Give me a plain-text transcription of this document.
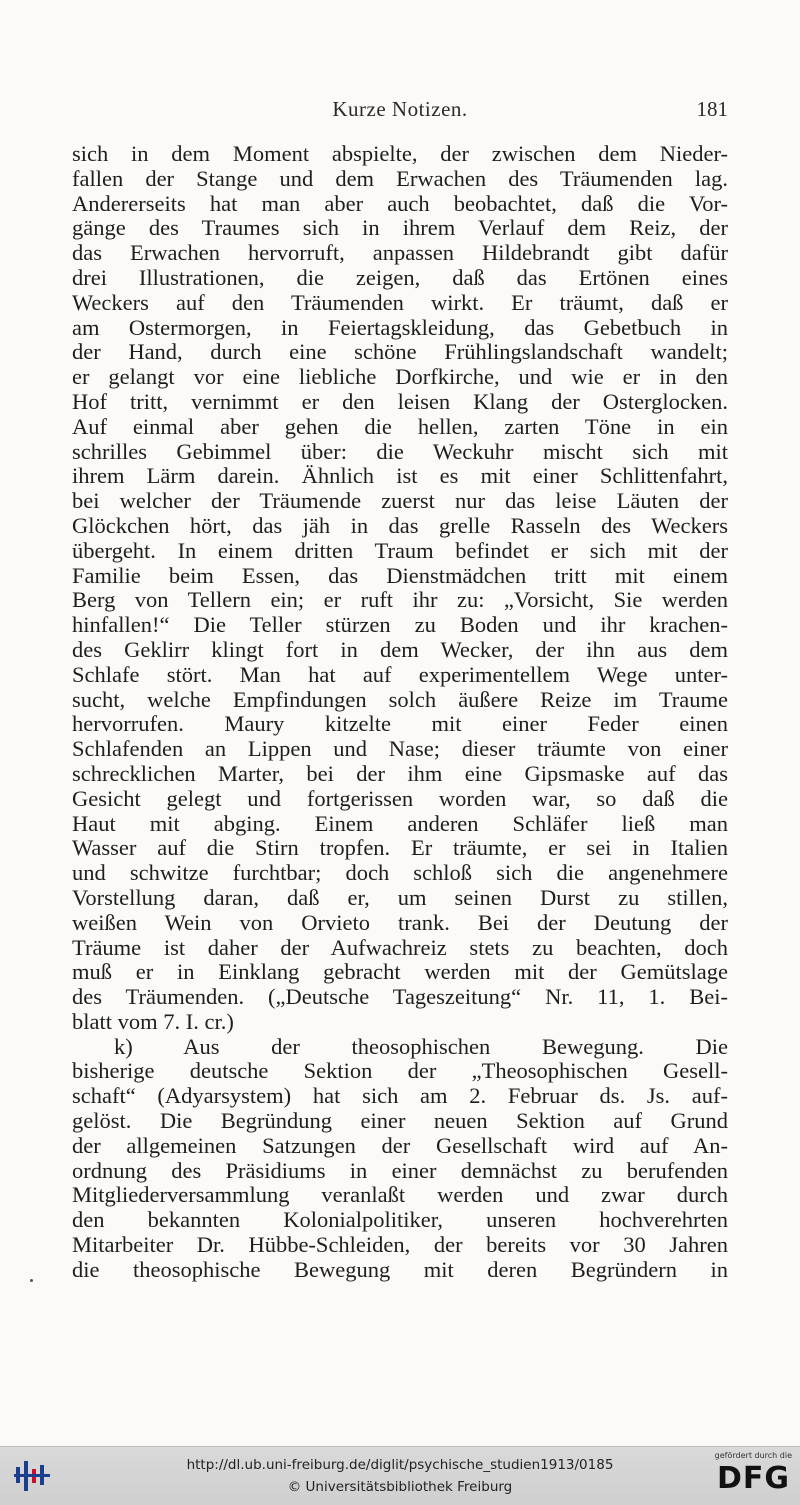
Kurze Notizen.	181
sich in dem Moment abspielte, der zwischen dem Nieder-
fallen der Stange und dem Erwachen des Träumenden lag.
Andererseits hat man aber auch beobachtet, daß die Vor-
gänge des Traumes sich in ihrem Verlauf dem Reiz, der
das Erwachen hervorruft, anpassen Hildebrandt gibt dafür
drei Illustrationen, die zeigen, daß das Ertönen eines
Weckers auf den Träumenden wirkt. Er träumt, daß er
am Ostermorgen, in Feiertagskleidung, das Gebetbuch in
der Hand, durch eine schöne Frühlingslandschaft wandelt;
er gelangt vor eine liebliche Dorfkirche, und wie er in den
Hof tritt, vernimmt er den leisen Klang der Osterglocken.
Auf einmal aber gehen die hellen, zarten Töne in ein
schrilles Gebimmel über: die Weckuhr mischt sich mit
ihrem Lärm darein. Ähnlich ist es mit einer Schlittenfahrt,
bei welcher der Träumende zuerst nur das leise Läuten der
Glöckchen hört, das jäh in das grelle Rasseln des Weckers
übergeht. In einem dritten Traum befindet er sich mit der
Familie beim Essen, das Dienstmädchen tritt mit einem
Berg von Tellern ein; er ruft ihr zu: „Vorsicht, Sie werden
hinfallen!“ Die Teller stürzen zu Boden und ihr krachen-
des Geklirr klingt fort in dem Wecker, der ihn aus dem
Schlafe stört. Man hat auf experimentellem Wege unter-
sucht, welche Empfindungen solch äußere Reize im Traume
hervorrufen. Maury kitzelte mit einer Feder einen
Schlafenden an Lippen und Nase; dieser träumte von einer
schrecklichen Marter, bei der ihm eine Gipsmaske auf das
Gesicht gelegt und fortgerissen worden war, so daß die
Haut mit abging. Einem anderen Schläfer ließ man
Wasser auf die Stirn tropfen. Er träumte, er sei in Italien
und schwitze furchtbar; doch schloß sich die angenehmere
Vorstellung daran, daß er, um seinen Durst zu stillen,
weißen Wein von Orvieto trank. Bei der Deutung der
Träume ist daher der Aufwachreiz stets zu beachten, doch
muß er in Einklang gebracht werden mit der Gemütslage
des Träumenden. („Deutsche Tageszeitung“ Nr. 11, 1. Bei-
blatt vom 7. I. cr.)
k) Aus der theosophischen Bewegung. Die
bisherige deutsche Sektion der „Theosophischen Gesell-
schaft“ (Adyarsystem) hat sich am 2. Februar ds. Js. auf-
gelöst. Die Begründung einer neuen Sektion auf Grund
der allgemeinen Satzungen der Gesellschaft wird auf An-
ordnung des Präsidiums in einer demnächst zu berufenden
Mitgliederversammlung veranlaßt werden und zwar durch
den bekannten Kolonialpolitiker, unseren hochverehrten
Mitarbeiter Dr. Hübbe-Schleiden, der bereits vor 30 Jahren
die theosophische Bewegung mit deren Begründern in
http://dl.ub.uni-freiburg.de/diglit/psychische_studien1913/0185
© Universitätsbibliothek Freiburg
gefördert durch die
DFG
